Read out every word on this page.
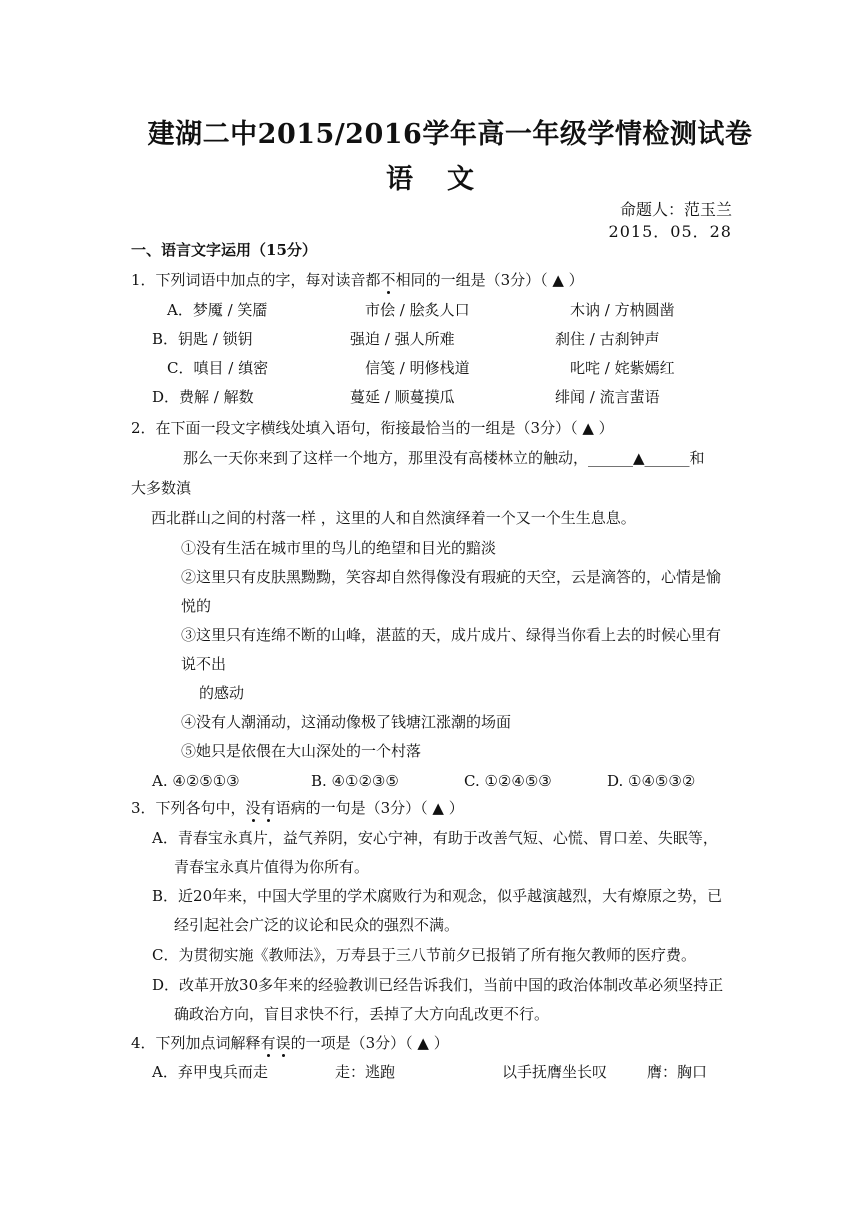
建湖二中2015/2016学年高一年级学情检测试卷
语文
命题人：范玉兰
2015．05．28
一、语言文字运用（15分）
1．下列词语中加点的字，每对读音都不相同的一组是（3分）（ ▲ ）
A．梦魇 / 笑靥	市侩 / 脍炙人口	木讷 / 方枘圆凿
B．钥匙 / 锁钥	强迫 / 强人所难	刹住 / 古刹钟声
C．嗔目 / 缜密	信笺 / 明修栈道	叱咤 / 姹紫嫣红
D．费解 / 解数	蔓延 / 顺蔓摸瓜	绯闻 / 流言蜚语
2．在下面一段文字横线处填入语句，衔接最恰当的一组是（3分）（ ▲ ）
那么一天你来到了这样一个地方，那里没有高楼林立的触动，______▲______和
大多数滇
西北群山之间的村落一样 ，这里的人和自然演绎着一个又一个生生息息。
①没有生活在城市里的鸟儿的绝望和目光的黯淡
②这里只有皮肤黑黝黝，笑容却自然得像没有瑕疵的天空，云是滴答的，心情是愉
悦的
③这里只有连绵不断的山峰，湛蓝的天，成片成片、绿得当你看上去的时候心里有
说不出
的感动
④没有人潮涌动，这涌动像极了钱塘江涨潮的场面
⑤她只是依偎在大山深处的一个村落
A. ④②⑤①③	B. ④①②③⑤	C. ①②④⑤③	D. ①④⑤③②
3．下列各句中，没有语病的一句是（3分）（ ▲ ）
A．青春宝永真片，益气养阴，安心宁神，有助于改善气短、心慌、胃口差、失眠等，
青春宝永真片值得为你所有。
B．近20年来，中国大学里的学术腐败行为和观念，似乎越演越烈，大有燎原之势，已
经引起社会广泛的议论和民众的强烈不满。
C．为贯彻实施《教师法》，万寿县于三八节前夕已报销了所有拖欠教师的医疗费。
D．改革开放30多年来的经验教训已经告诉我们，当前中国的政治体制改革必须坚持正
确政治方向，盲目求快不行，丢掉了大方向乱改更不行。
4．下列加点词解释有误的一项是（3分）（ ▲ ）
A．弃甲曳兵而走	走：逃跑	以手抚膺坐长叹	膺：胸口
